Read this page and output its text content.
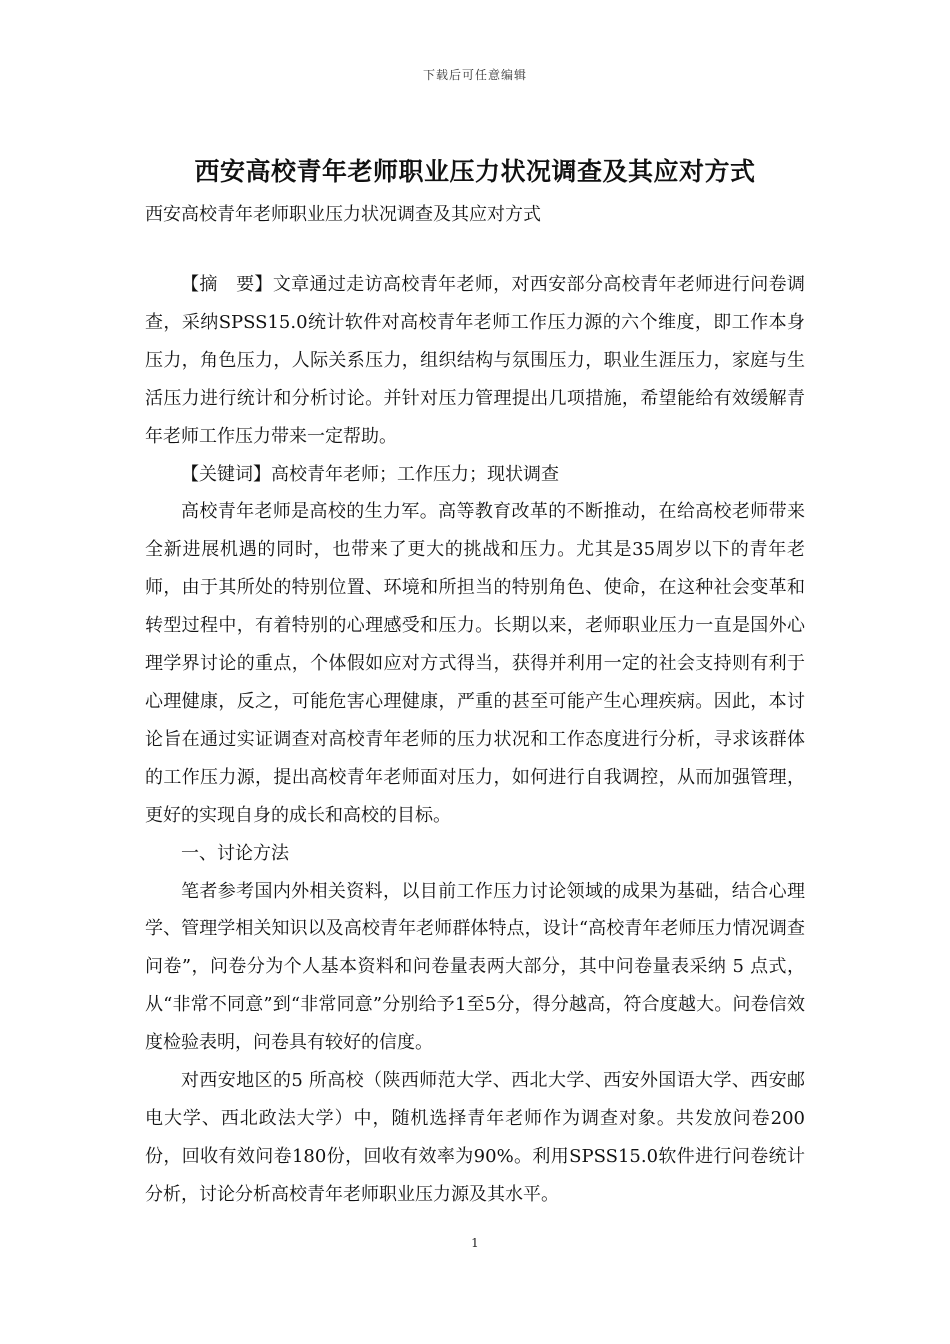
下载后可任意编辑
西安高校青年老师职业压力状况调查及其应对方式
西安高校青年老师职业压力状况调查及其应对方式

【摘　要】文章通过走访高校青年老师，对西安部分高校青年老师进行问卷调查，采纳SPSS15.0统计软件对高校青年老师工作压力源的六个维度，即工作本身压力，角色压力，人际关系压力，组织结构与氛围压力，职业生涯压力，家庭与生活压力进行统计和分析讨论。并针对压力管理提出几项措施，希望能给有效缓解青年老师工作压力带来一定帮助。

【关键词】高校青年老师；工作压力；现状调查

高校青年老师是高校的生力军。高等教育改革的不断推动，在给高校老师带来全新进展机遇的同时，也带来了更大的挑战和压力。尤其是35周岁以下的青年老师，由于其所处的特别位置、环境和所担当的特别角色、使命，在这种社会变革和转型过程中，有着特别的心理感受和压力。长期以来，老师职业压力一直是国外心理学界讨论的重点，个体假如应对方式得当，获得并利用一定的社会支持则有利于心理健康，反之，可能危害心理健康，严重的甚至可能产生心理疾病。因此，本讨论旨在通过实证调查对高校青年老师的压力状况和工作态度进行分析，寻求该群体的工作压力源，提出高校青年老师面对压力，如何进行自我调控，从而加强管理，更好的实现自身的成长和高校的目标。

一、讨论方法

笔者参考国内外相关资料，以目前工作压力讨论领域的成果为基础，结合心理学、管理学相关知识以及高校青年老师群体特点，设计“高校青年老师压力情况调查问卷”，问卷分为个人基本资料和问卷量表两大部分，其中问卷量表采纳 5 点式，从“非常不同意”到“非常同意”分别给予1至5分，得分越高，符合度越大。问卷信效度检验表明，问卷具有较好的信度。

对西安地区的5 所高校（陕西师范大学、西北大学、西安外国语大学、西安邮电大学、西北政法大学）中，随机选择青年老师作为调查对象。共发放问卷200份，回收有效问卷180份，回收有效率为90%。利用SPSS15.0软件进行问卷统计分析，讨论分析高校青年老师职业压力源及其水平。

1
